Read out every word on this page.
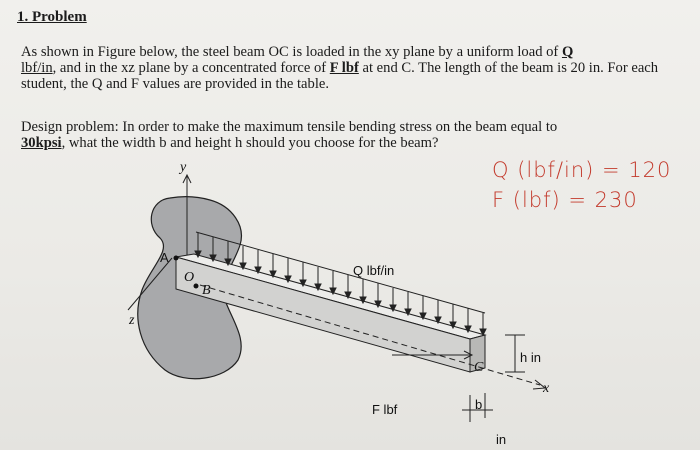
1. Problem
As shown in Figure below, the steel beam OC is loaded in the xy plane by a uniform load of Q
lbf/in, and in the xz plane by a concentrated force of F lbf at end C. The length of the beam is 20 in. For each student, the Q and F values are provided in the table.
Design problem: In order to make the maximum tensile bending stress on the beam equal to
30kpsi, what the width b and height h should you choose for the beam?
Q (lbf/in) = 120
F (lbf) = 230
y
A
O
B
z
Q lbf/in
C
h in
x
F lbf	b
in
